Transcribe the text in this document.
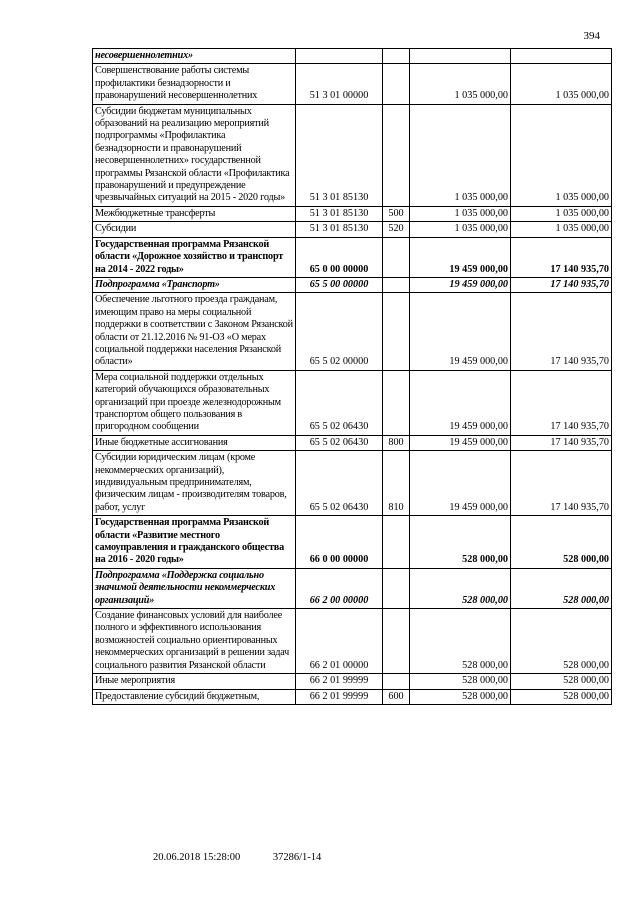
394
несовершеннолетних»				
Совершенствование работы системы профилактики безнадзорности и правонарушений несовершеннолетних	51 3 01 00000		1 035 000,00	1 035 000,00
Субсидии бюджетам муниципальных образований на реализацию мероприятий подпрограммы «Профилактика безнадзорности и правонарушений несовершеннолетних» государственной программы Рязанской области «Профилактика правонарушений и предупреждение чрезвычайных ситуаций на 2015 - 2020 годы»	51 3 01 85130		1 035 000,00	1 035 000,00
Межбюджетные трансферты	51 3 01 85130	500	1 035 000,00	1 035 000,00
Субсидии	51 3 01 85130	520	1 035 000,00	1 035 000,00
Государственная программа Рязанской области «Дорожное хозяйство и транспорт на 2014 - 2022 годы»	65 0 00 00000		19 459 000,00	17 140 935,70
Подпрограмма «Транспорт»	65 5 00 00000		19 459 000,00	17 140 935,70
Обеспечение льготного проезда гражданам, имеющим право на меры социальной поддержки в соответствии с Законом Рязанской области от 21.12.2016 № 91-ОЗ «О мерах социальной поддержки населения Рязанской области»	65 5 02 00000		19 459 000,00	17 140 935,70
Мера социальной поддержки отдельных категорий обучающихся образовательных организаций при проезде железнодорожным транспортом общего пользования в пригородном сообщении	65 5 02 06430		19 459 000,00	17 140 935,70
Иные бюджетные ассигнования	65 5 02 06430	800	19 459 000,00	17 140 935,70
Субсидии юридическим лицам (кроме некоммерческих организаций), индивидуальным предпринимателям, физическим лицам - производителям товаров, работ, услуг	65 5 02 06430	810	19 459 000,00	17 140 935,70
Государственная программа Рязанской области «Развитие местного самоуправления и гражданского общества на 2016 - 2020 годы»	66 0 00 00000		528 000,00	528 000,00
Подпрограмма «Поддержка социально значимой деятельности некоммерческих организаций»	66 2 00 00000		528 000,00	528 000,00
Создание финансовых условий для наиболее полного и эффективного использования возможностей социально ориентированных некоммерческих организаций в решении задач социального развития Рязанской области	66 2 01 00000		528 000,00	528 000,00
Иные мероприятия	66 2 01 99999		528 000,00	528 000,00
Предоставление субсидий бюджетным,	66 2 01 99999	600	528 000,00	528 000,00
20.06.2018 15:28:00	37286/1-14
